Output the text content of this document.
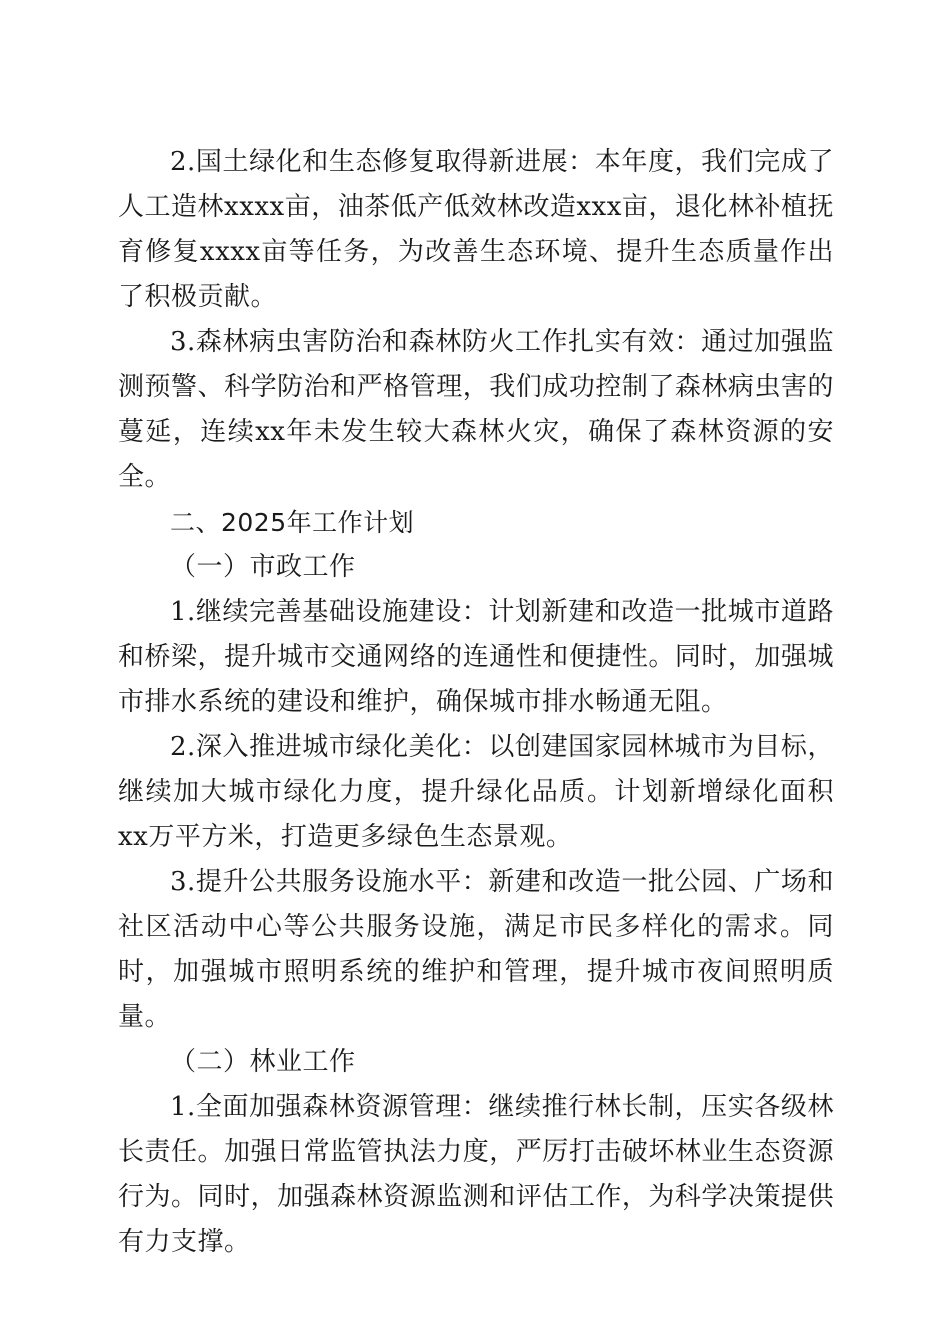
2.国土绿化和生态修复取得新进展：本年度，我们完成了人工造林xxxx亩，油茶低产低效林改造xxx亩，退化林补植抚育修复xxxx亩等任务，为改善生态环境、提升生态质量作出了积极贡献。

3.森林病虫害防治和森林防火工作扎实有效：通过加强监测预警、科学防治和严格管理，我们成功控制了森林病虫害的蔓延，连续xx年未发生较大森林火灾，确保了森林资源的安全。

二、2025年工作计划

（一）市政工作

1.继续完善基础设施建设：计划新建和改造一批城市道路和桥梁，提升城市交通网络的连通性和便捷性。同时，加强城市排水系统的建设和维护，确保城市排水畅通无阻。

2.深入推进城市绿化美化：以创建国家园林城市为目标，继续加大城市绿化力度，提升绿化品质。计划新增绿化面积xx万平方米，打造更多绿色生态景观。

3.提升公共服务设施水平：新建和改造一批公园、广场和社区活动中心等公共服务设施，满足市民多样化的需求。同时，加强城市照明系统的维护和管理，提升城市夜间照明质量。

（二）林业工作

1.全面加强森林资源管理：继续推行林长制，压实各级林长责任。加强日常监管执法力度，严厉打击破坏林业生态资源行为。同时，加强森林资源监测和评估工作，为科学决策提供有力支撑。
